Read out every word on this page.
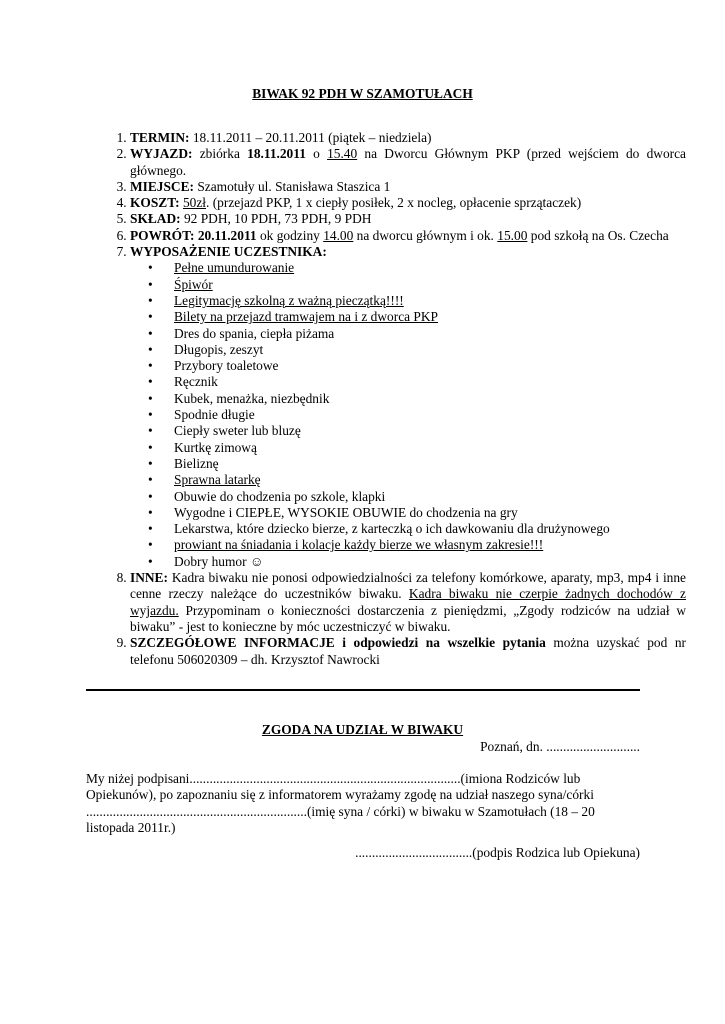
BIWAK 92 PDH W SZAMOTUŁACH
1. TERMIN: 18.11.2011 – 20.11.2011 (piątek – niedziela)
2. WYJAZD: zbiórka 18.11.2011 o 15.40 na Dworcu Głównym PKP (przed wejściem do dworca głównego.
3. MIEJSCE: Szamotuły ul. Stanisława Staszica 1
4. KOSZT: 50zł. (przejazd PKP, 1 x ciepły posiłek, 2 x nocleg, opłacenie sprzątaczek)
5. SKŁAD: 92 PDH, 10 PDH, 73 PDH, 9 PDH
6. POWRÓT: 20.11.2011 ok godziny 14.00 na dworcu głównym i ok. 15.00 pod szkołą na Os. Czecha
7. WYPOSAŻENIE UCZESTNIKA:
• Pełne umundurowanie
• Śpiwór
• Legitymację szkolną z ważną pieczątką!!!!
• Bilety na przejazd tramwajem na i z dworca PKP
• Dres do spania, ciepła piżama
• Długopis, zeszyt
• Przybory toaletowe
• Ręcznik
• Kubek, menażka, niezbędnik
• Spodnie długie
• Ciepły sweter lub bluzę
• Kurtkę zimową
• Bieliznę
• Sprawna latarkę
• Obuwie do chodzenia po szkole, klapki
• Wygodne i CIEPŁE, WYSOKIE OBUWIE do chodzenia na gry
• Lekarstwa, które dziecko bierze, z karteczką o ich dawkowaniu dla drużynowego
• prowiant na śniadania i kolacje każdy bierze we własnym zakresie!!!
• Dobry humor ☺
8. INNE: Kadra biwaku nie ponosi odpowiedzialności za telefony komórkowe, aparaty, mp3, mp4 i inne cenne rzeczy należące do uczestników biwaku. Kadra biwaku nie czerpie żadnych dochodów z wyjazdu. Przypominam o konieczności dostarczenia z pieniędzmi, „Zgody rodziców na udział w biwaku” - jest to konieczne by móc uczestniczyć w biwaku.
9. SZCZEGÓŁOWE INFORMACJE i odpowiedzi na wszelkie pytania można uzyskać pod nr telefonu 506020309 – dh. Krzysztof Nawrocki
ZGODA NA UDZIAŁ W BIWAKU
Poznań, dn. ............................

My niżej podpisani.................................................................................(imiona Rodziców lub
Opiekunów), po zapoznaniu się z informatorem wyrażamy zgodę na udział naszego syna/córki
..................................................................(imię syna / córki) w biwaku w Szamotułach (18 – 20
listopada 2011r.)

...................................(podpis Rodzica lub Opiekuna)
